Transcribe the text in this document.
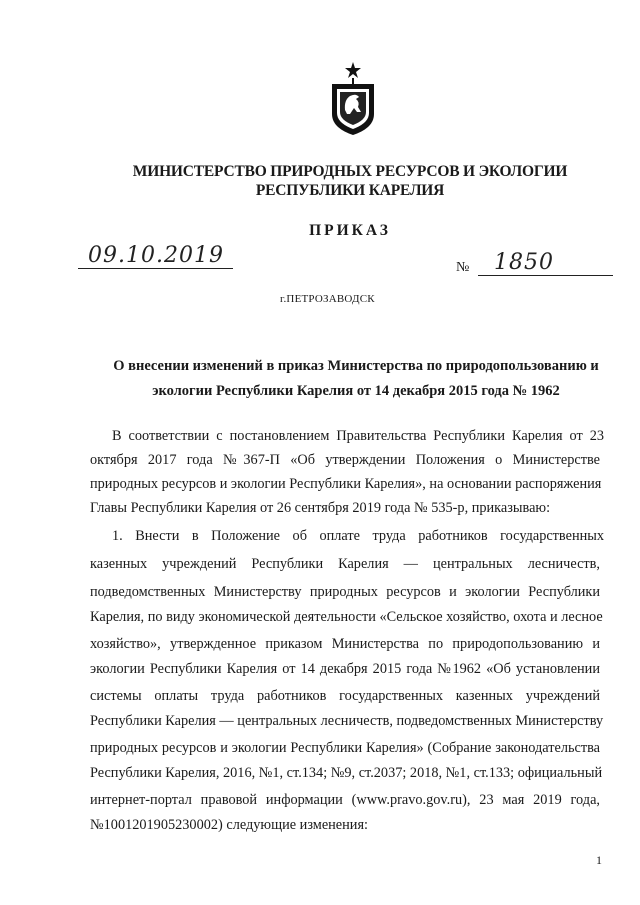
МИНИСТЕРСТВО ПРИРОДНЫХ РЕСУРСОВ И ЭКОЛОГИИ
РЕСПУБЛИКИ КАРЕЛИЯ
ПРИКАЗ
09.10.2019	№ 1850
г.ПЕТРОЗАВОДСК
О внесении изменений в приказ Министерства по природопользованию и
экологии Республики Карелия от 14 декабря 2015 года № 1962
В соответствии с постановлением Правительства Республики Карелия от 23
октября 2017 года №367-П «Об утверждении Положения о Министерстве
природных ресурсов и экологии Республики Карелия», на основании распоряжения
Главы Республики Карелия от 26 сентября 2019 года № 535-р, приказываю:
1. Внести в Положение об оплате труда работников государственных
казенных учреждений Республики Карелия — центральных лесничеств,
подведомственных Министерству природных ресурсов и экологии Республики
Карелия, по виду экономической деятельности «Сельское хозяйство, охота и лесное
хозяйство», утвержденное приказом Министерства по природопользованию и
экологии Республики Карелия от 14 декабря 2015 года №1962 «Об установлении
системы оплаты труда работников государственных казенных учреждений
Республики Карелия — центральных лесничеств, подведомственных Министерству
природных ресурсов и экологии Республики Карелия» (Собрание законодательства
Республики Карелия, 2016, №1, ст.134; №9, ст.2037; 2018, №1, ст.133; официальный
интернет-портал правовой информации (www.pravo.gov.ru), 23 мая 2019 года,
№1001201905230002) следующие изменения:
1
